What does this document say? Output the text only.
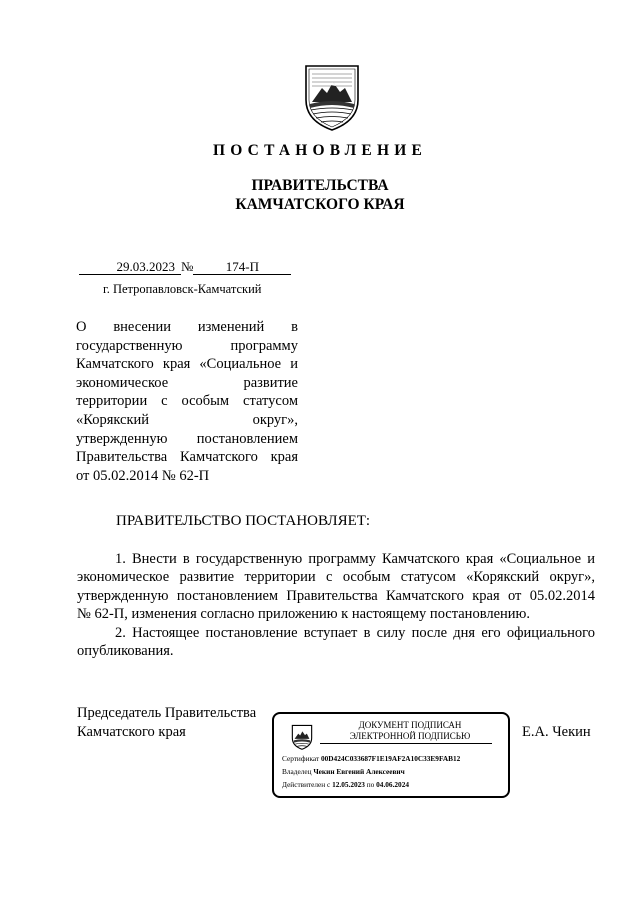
ПОСТАНОВЛЕНИЕ
ПРАВИТЕЛЬСТВА
КАМЧАТСКОГО КРАЯ
29.03.2023 № 174-П
г. Петропавловск-Камчатский
О внесении изменений в
государственную программу
Камчатского края «Социальное и
экономическое развитие
территории с особым статусом
«Корякский округ»,
утвержденную постановлением
Правительства Камчатского края
от 05.02.2014 № 62-П
ПРАВИТЕЛЬСТВО ПОСТАНОВЛЯЕТ:
1. Внести в государственную программу Камчатского края «Социальное и
экономическое развитие территории с особым статусом «Корякский округ»,
утвержденную постановлением Правительства Камчатского края от 05.02.2014
№ 62-П, изменения согласно приложению к настоящему постановлению.
2. Настоящее постановление вступает в силу после дня его официального
опубликования.
Председатель Правительства
Камчатского края	Е.А. Чекин
ДОКУМЕНТ ПОДПИСАН
ЭЛЕКТРОННОЙ ПОДПИСЬЮ
Сертификат 00D424C033687F1E19AF2A10C33E9FAB12
Владелец Чекин Евгений Алексеевич
Действителен с 12.05.2023 по 04.06.2024
